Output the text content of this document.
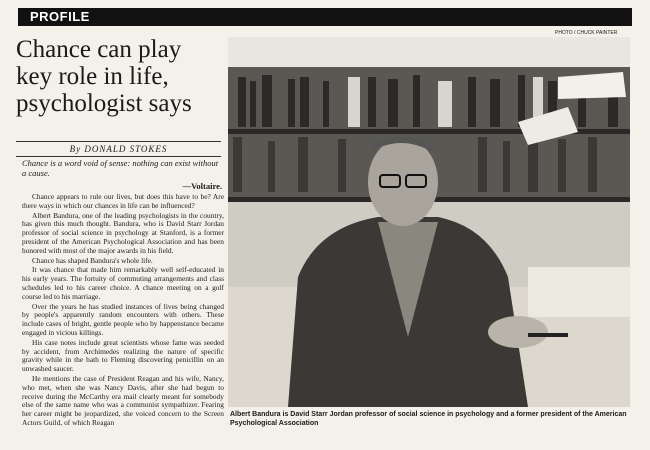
PROFILE
Chance can play key role in life, psychologist says
By DONALD STOKES
Chance is a word void of sense: nothing can exist without a cause.
—Voltaire.

Chance appears to rule our lives, but does this have to be? Are there ways in which our chances in life can be influenced?

Albert Bandura, one of the leading psychologists in the country, has given this much thought. Bandura, who is David Starr Jordan professor of social science in psychology at Stanford, is a former president of the American Psychological Association and has been honored with most of the major awards in his field.

Chance has shaped Bandura's whole life.

It was chance that made him remarkably well self-educated in his early years. The fortuity of commuting arrangements and class schedules led to his career choice. A chance meeting on a golf course led to his marriage.

Over the years he has studied instances of lives being changed by people's apparently random encounters with others. These include cases of bright, gentle people who by happenstance became engaged in vicious killings.

His case notes include great scientists whose fame was seeded by accident, from Archimedes realizing the nature of specific gravity while in the bath to Fleming discovering penicillin on an unwashed saucer.

He mentions the case of President Reagan and his wife, Nancy, who met, when she was Nancy Davis, after she had begun to receive during the McCarthy era mail clearly meant for somebody else of the same name who was a communist sympathizer. Fearing her career might be jeopardized, she voiced concern to the Screen Actors Guild, of which Reagan

PHOTO / CHUCK PAINTER
Albert Bandura is David Starr Jordan professor of social science in psychology and a former president of the American Psychological Association
